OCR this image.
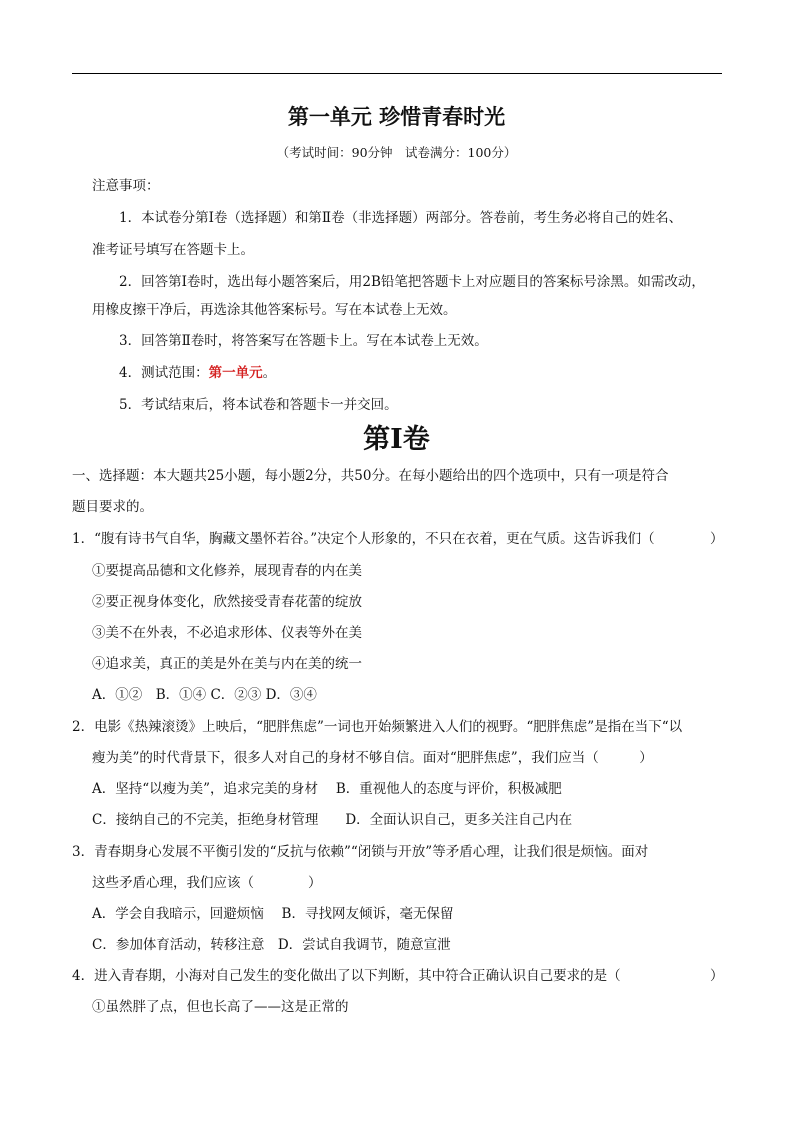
第一单元 珍惜青春时光
（考试时间：90分钟　试卷满分：100分）
注意事项：
1．本试卷分第Ⅰ卷（选择题）和第Ⅱ卷（非选择题）两部分。答卷前，考生务必将自己的姓名、
准考证号填写在答题卡上。
2．回答第Ⅰ卷时，选出每小题答案后，用2B铅笔把答题卡上对应题目的答案标号涂黑。如需改动，
用橡皮擦干净后，再选涂其他答案标号。写在本试卷上无效。
3．回答第Ⅱ卷时，将答案写在答题卡上。写在本试卷上无效。
4．测试范围：第一单元。
5．考试结束后，将本试卷和答题卡一并交回。
第Ⅰ卷
一、选择题：本大题共25小题，每小题2分，共50分。在每小题给出的四个选项中，只有一项是符合
题目要求的。
1．“腹有诗书气自华，胸藏文墨怀若谷。”决定个人形象的，不只在衣着，更在气质。这告诉我们（	）
①要提高品德和文化修养，展现青春的内在美
②要正视身体变化，欣然接受青春花蕾的绽放
③美不在外表，不必追求形体、仪表等外在美
④追求美，真正的美是外在美与内在美的统一
A．①②　B．①④ C．②③ D．③④
2．电影《热辣滚烫》上映后，“肥胖焦虑”一词也开始频繁进入人们的视野。“肥胖焦虑”是指在当下“以
瘦为美”的时代背景下，很多人对自己的身材不够自信。面对“肥胖焦虑”，我们应当（　　　）
A．坚持“以瘦为美”，追求完美的身材　 B．重视他人的态度与评价，积极减肥
C．接纳自己的不完美，拒绝身材管理　　D．全面认识自己，更多关注自己内在
3．青春期身心发展不平衡引发的“反抗与依赖”“闭锁与开放”等矛盾心理，让我们很是烦恼。面对
这些矛盾心理，我们应该（　　　　）
A．学会自我暗示，回避烦恼　 B．寻找网友倾诉，毫无保留
C．参加体育活动，转移注意　D．尝试自我调节，随意宣泄
4．进入青春期，小海对自己发生的变化做出了以下判断，其中符合正确认识自己要求的是（	）
①虽然胖了点，但也长高了——这是正常的
